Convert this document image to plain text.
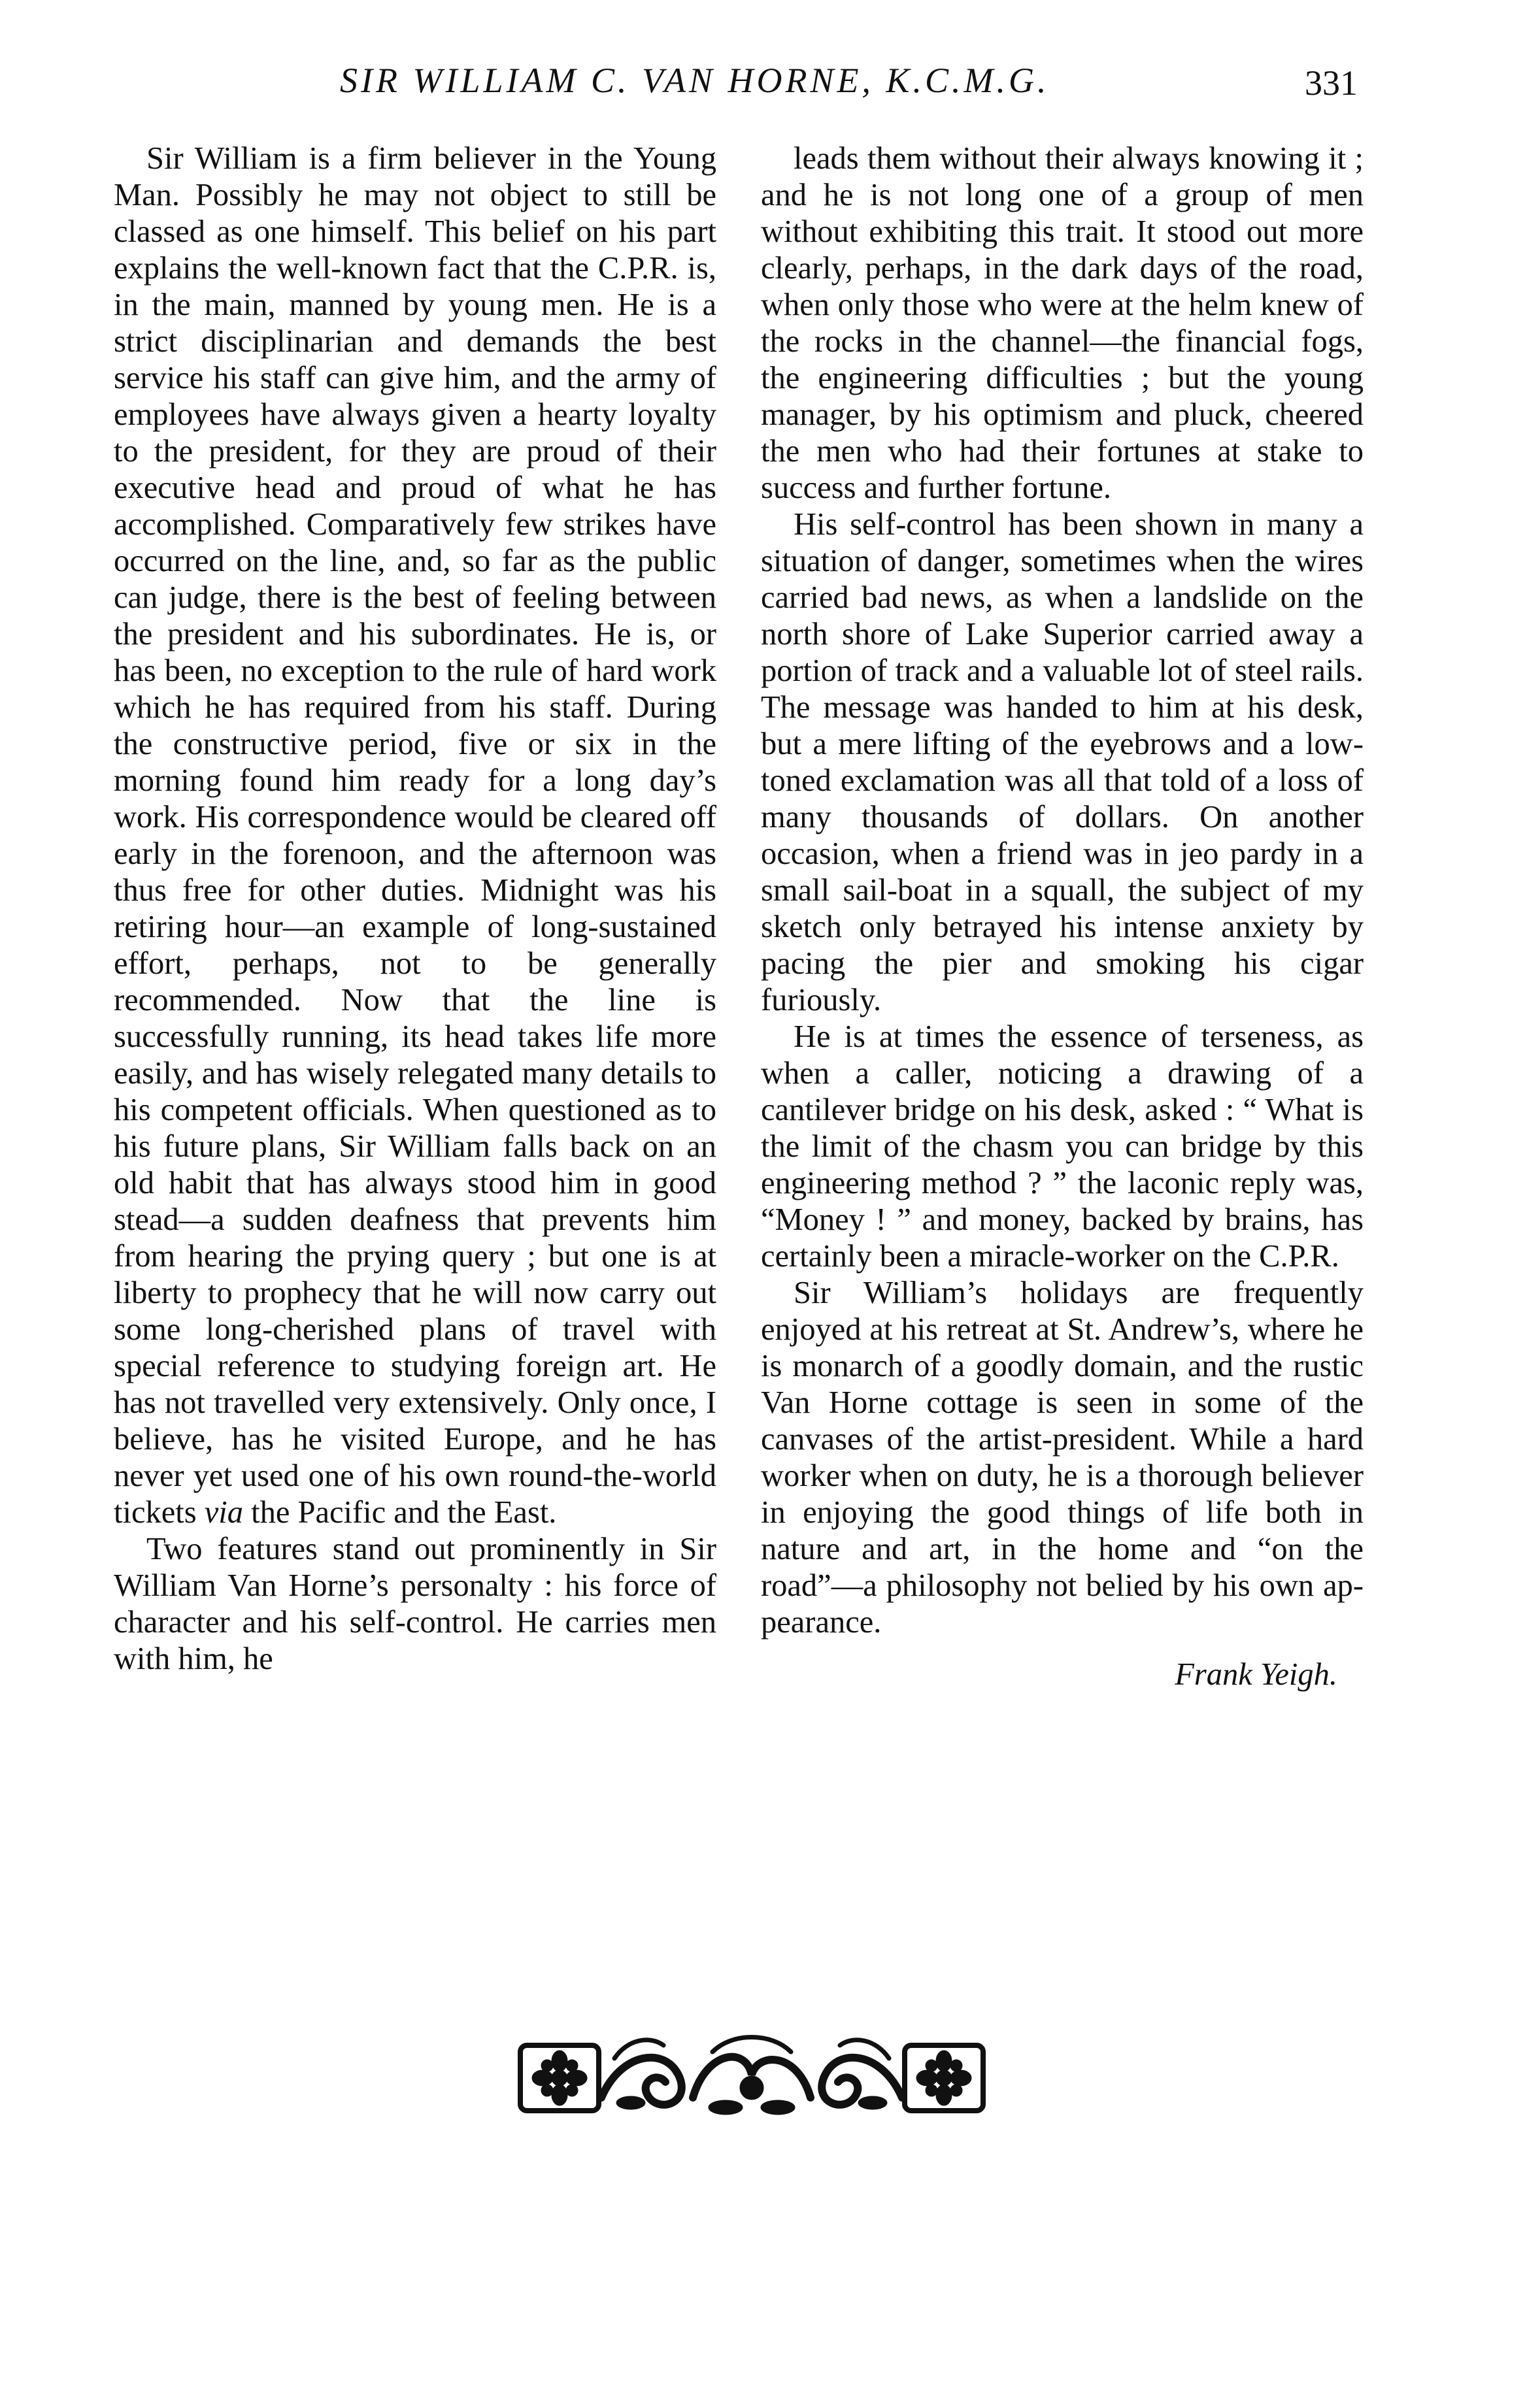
SIR WILLIAM C. VAN HORNE, K.C.M.G.	331

Sir William is a firm believer in the Young Man. Possibly he may not object to still be classed as one himself. This belief on his part explains the well-known fact that the C.P.R. is, in the main, manned by young men. He is a strict disciplinarian and demands the best service his staff can give him, and the army of employees have always given a hearty loyalty to the president, for they are proud of their executive head and proud of what he has accomplished. Comparatively few strikes have occurred on the line, and, so far as the public can judge, there is the best of feeling between the president and his subordinates. He is, or has been, no exception to the rule of hard work which he has required from his staff. During the constructive period, five or six in the morning found him ready for a long day’s work. His correspondence would be cleared off early in the forenoon, and the afternoon was thus free for other duties. Midnight was his retiring hour—an example of long-sustained effort, perhaps, not to be generally recommended. Now that the line is successfully running, its head takes life more easily, and has wisely relegated many details to his competent officials. When questioned as to his future plans, Sir William falls back on an old habit that has always stood him in good stead—a sudden deafness that prevents him from hearing the prying query ; but one is at liberty to prophecy that he will now carry out some long-cherished plans of travel with special reference to studying foreign art. He has not travelled very extensively. Only once, I believe, has he visited Europe, and he has never yet used one of his own round-the-world tickets via the Pacific and the East.

Two features stand out prominently in Sir William Van Horne’s personalty : his force of character and his self-control. He carries men with him, he

leads them without their always knowing it ; and he is not long one of a group of men without exhibiting this trait. It stood out more clearly, perhaps, in the dark days of the road, when only those who were at the helm knew of the rocks in the channel—the financial fogs, the engineering difficulties ; but the young manager, by his optimism and pluck, cheered the men who had their fortunes at stake to success and further fortune.

His self-control has been shown in many a situation of danger, sometimes when the wires carried bad news, as when a landslide on the north shore of Lake Superior carried away a portion of track and a valuable lot of steel rails. The message was handed to him at his desk, but a mere lifting of the eyebrows and a low-toned exclamation was all that told of a loss of many thousands of dollars. On another occasion, when a friend was in jeo pardy in a small sail-boat in a squall, the subject of my sketch only betrayed his intense anxiety by pacing the pier and smoking his cigar furiously.

He is at times the essence of terseness, as when a caller, noticing a drawing of a cantilever bridge on his desk, asked : “ What is the limit of the chasm you can bridge by this engineering method ? ” the laconic reply was, “Money ! ” and money, backed by brains, has certainly been a miracle-worker on the C.P.R.

Sir William’s holidays are frequently enjoyed at his retreat at St. Andrew’s, where he is monarch of a goodly domain, and the rustic Van Horne cottage is seen in some of the canvases of the artist-president. While a hard worker when on duty, he is a thorough believer in enjoying the good things of life both in nature and art, in the home and “on the road”—a philosophy not belied by his own appearance.

Frank Yeigh.
